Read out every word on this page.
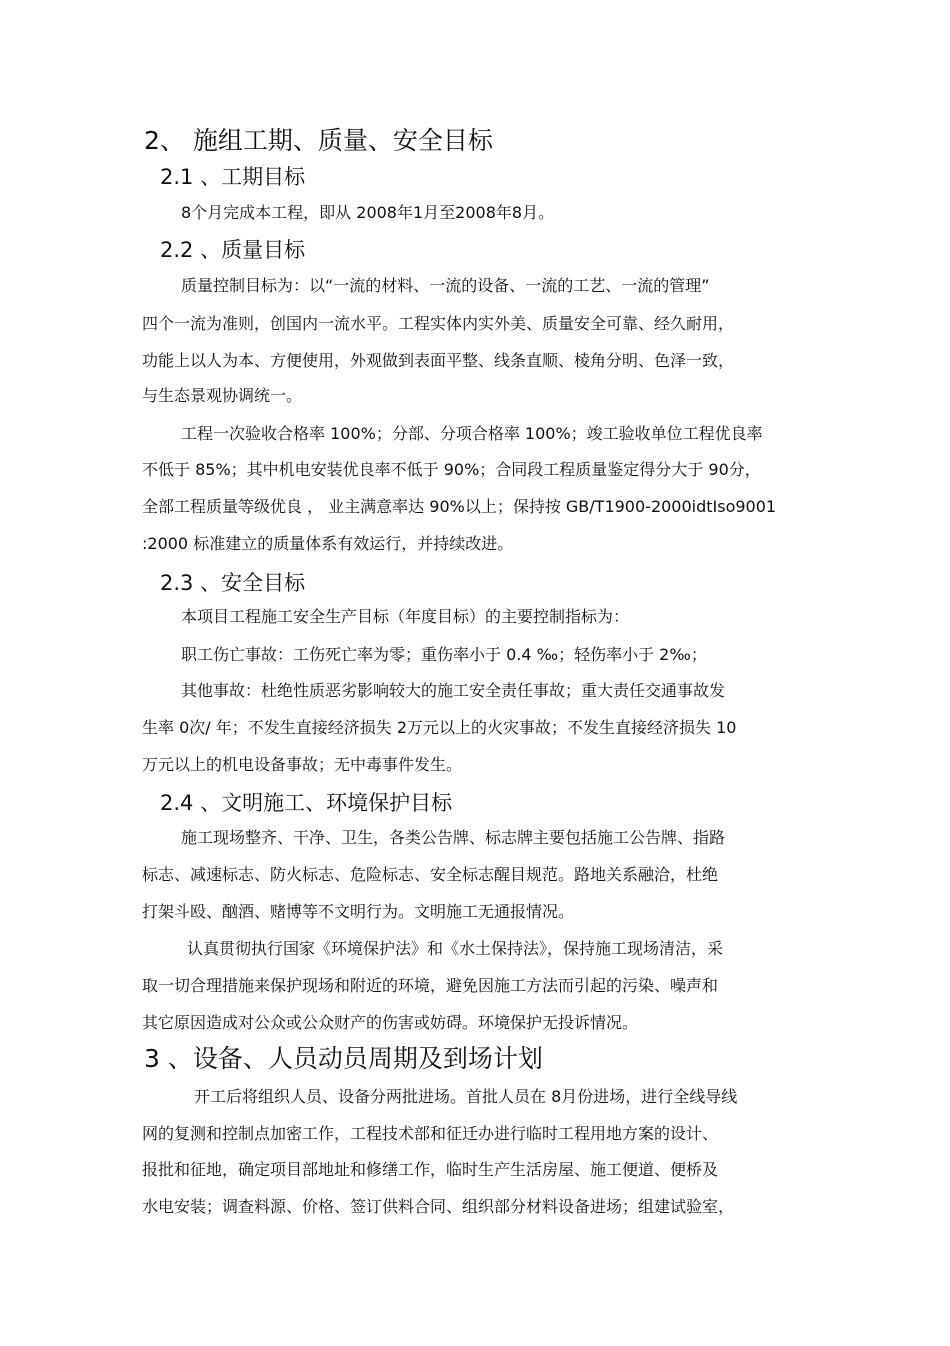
2、 施组工期、质量、安全目标
2.1 、工期目标
8个月完成本工程，即从 2008年1月至2008年8月。
2.2 、质量目标
质量控制目标为：以“一流的材料、一流的设备、一流的工艺、一流的管理”
四个一流为准则，创国内一流水平。工程实体内实外美、质量安全可靠、经久耐用，
功能上以人为本、方便使用，外观做到表面平整、线条直顺、棱角分明、色泽一致，
与生态景观协调统一。
工程一次验收合格率 100%；分部、分项合格率 100%；竣工验收单位工程优良率
不低于 85%；其中机电安装优良率不低于 90%；合同段工程质量鉴定得分大于 90分，
全部工程质量等级优良 ， 业主满意率达 90%以上；保持按 GB/T1900-2000idtIso9001
:2000 标准建立的质量体系有效运行，并持续改进。
2.3 、安全目标
本项目工程施工安全生产目标（年度目标）的主要控制指标为：
职工伤亡事故：工伤死亡率为零；重伤率小于 0.4 ‰；轻伤率小于 2‰；
其他事故：杜绝性质恶劣影响较大的施工安全责任事故；重大责任交通事故发
生率 0次/ 年；不发生直接经济损失 2万元以上的火灾事故；不发生直接经济损失 10
万元以上的机电设备事故；无中毒事件发生。
2.4 、文明施工、环境保护目标
施工现场整齐、干净、卫生，各类公告牌、标志牌主要包括施工公告牌、指路
标志、减速标志、防火标志、危险标志、安全标志醒目规范。路地关系融洽，杜绝
打架斗殴、酗酒、赌博等不文明行为。文明施工无通报情况。
认真贯彻执行国家《环境保护法》和《水土保持法》，保持施工现场清洁，采
取一切合理措施来保护现场和附近的环境，避免因施工方法而引起的污染、噪声和
其它原因造成对公众或公众财产的伤害或妨碍。环境保护无投诉情况。
3 、设备、人员动员周期及到场计划
开工后将组织人员、设备分两批进场。首批人员在 8月份进场，进行全线导线
网的复测和控制点加密工作，工程技术部和征迁办进行临时工程用地方案的设计、
报批和征地，确定项目部地址和修缮工作，临时生产生活房屋、施工便道、便桥及
水电安装；调查料源、价格、签订供料合同、组织部分材料设备进场；组建试验室，
